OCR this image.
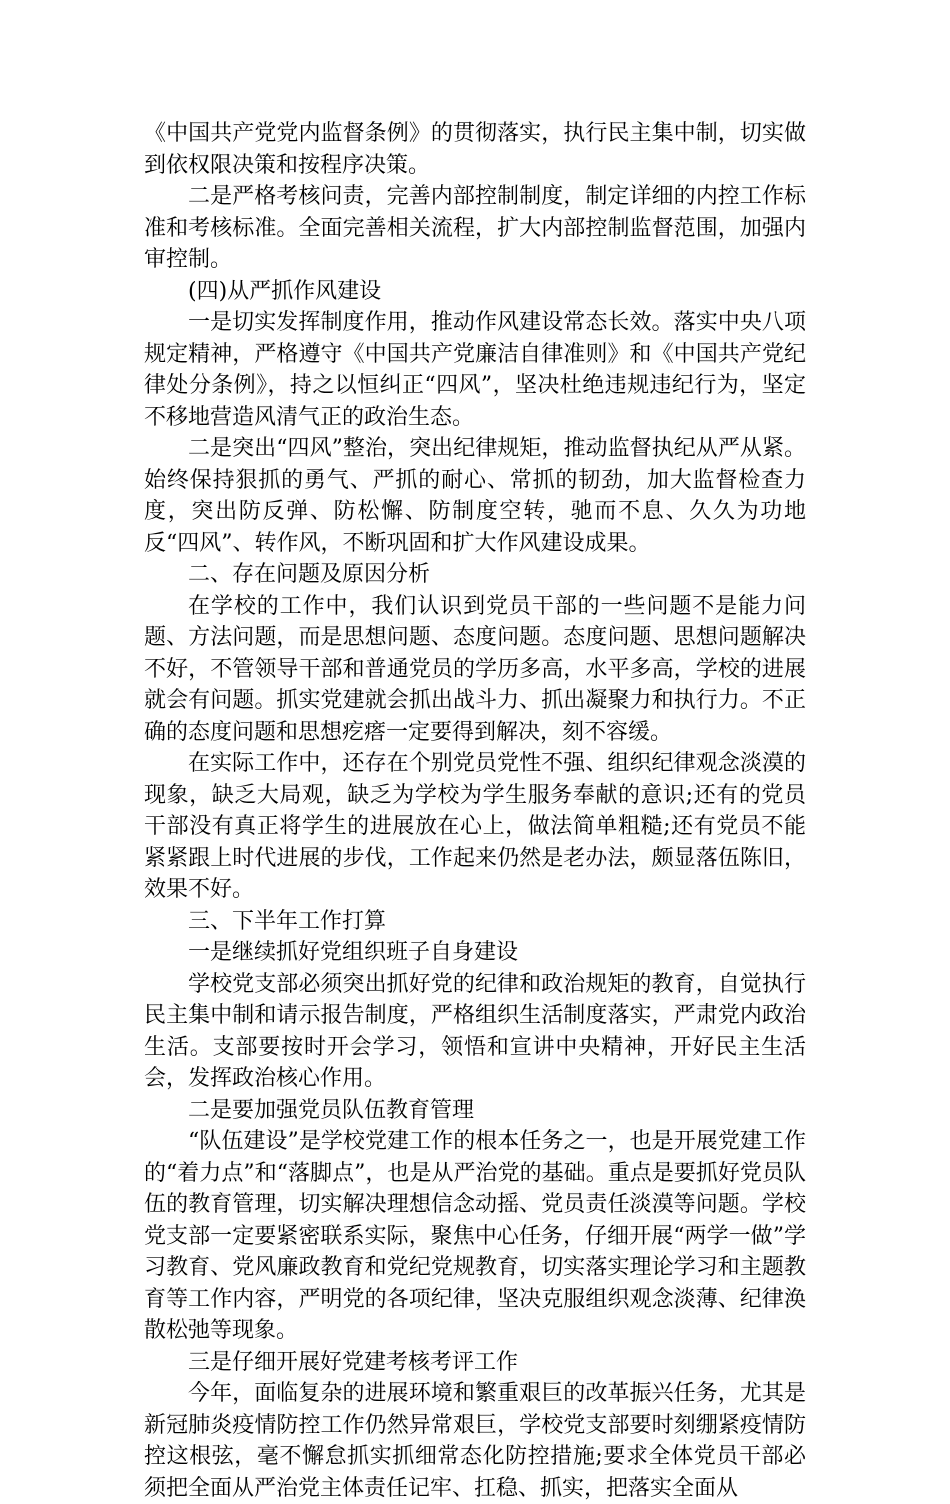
《中国共产党党内监督条例》的贯彻落实，执行民主集中制，切实做到依权限决策和按程序决策。

二是严格考核问责，完善内部控制制度，制定详细的内控工作标准和考核标准。全面完善相关流程，扩大内部控制监督范围，加强内审控制。

(四)从严抓作风建设

一是切实发挥制度作用，推动作风建设常态长效。落实中央八项规定精神，严格遵守《中国共产党廉洁自律准则》和《中国共产党纪律处分条例》，持之以恒纠正“四风”，坚决杜绝违规违纪行为，坚定不移地营造风清气正的政治生态。

二是突出“四风”整治，突出纪律规矩，推动监督执纪从严从紧。始终保持狠抓的勇气、严抓的耐心、常抓的韧劲，加大监督检查力度，突出防反弹、防松懈、防制度空转，驰而不息、久久为功地反“四风”、转作风，不断巩固和扩大作风建设成果。

二、存在问题及原因分析

在学校的工作中，我们认识到党员干部的一些问题不是能力问题、方法问题，而是思想问题、态度问题。态度问题、思想问题解决不好，不管领导干部和普通党员的学历多高，水平多高，学校的进展就会有问题。抓实党建就会抓出战斗力、抓出凝聚力和执行力。不正确的态度问题和思想疙瘩一定要得到解决，刻不容缓。

在实际工作中，还存在个别党员党性不强、组织纪律观念淡漠的现象，缺乏大局观，缺乏为学校为学生服务奉献的意识;还有的党员干部没有真正将学生的进展放在心上，做法简单粗糙;还有党员不能紧紧跟上时代进展的步伐，工作起来仍然是老办法，颇显落伍陈旧，效果不好。

三、下半年工作打算

一是继续抓好党组织班子自身建设

学校党支部必须突出抓好党的纪律和政治规矩的教育，自觉执行民主集中制和请示报告制度，严格组织生活制度落实，严肃党内政治生活。支部要按时开会学习，领悟和宣讲中央精神，开好民主生活会，发挥政治核心作用。

二是要加强党员队伍教育管理

“队伍建设”是学校党建工作的根本任务之一，也是开展党建工作的“着力点”和“落脚点”，也是从严治党的基础。重点是要抓好党员队伍的教育管理，切实解决理想信念动摇、党员责任淡漠等问题。学校党支部一定要紧密联系实际，聚焦中心任务，仔细开展“两学一做”学习教育、党风廉政教育和党纪党规教育，切实落实理论学习和主题教育等工作内容，严明党的各项纪律，坚决克服组织观念淡薄、纪律涣散松弛等现象。

三是仔细开展好党建考核考评工作

今年，面临复杂的进展环境和繁重艰巨的改革振兴任务，尤其是新冠肺炎疫情防控工作仍然异常艰巨，学校党支部要时刻绷紧疫情防控这根弦，毫不懈怠抓实抓细常态化防控措施;要求全体党员干部必须把全面从严治党主体责任记牢、扛稳、抓实，把落实全面从
